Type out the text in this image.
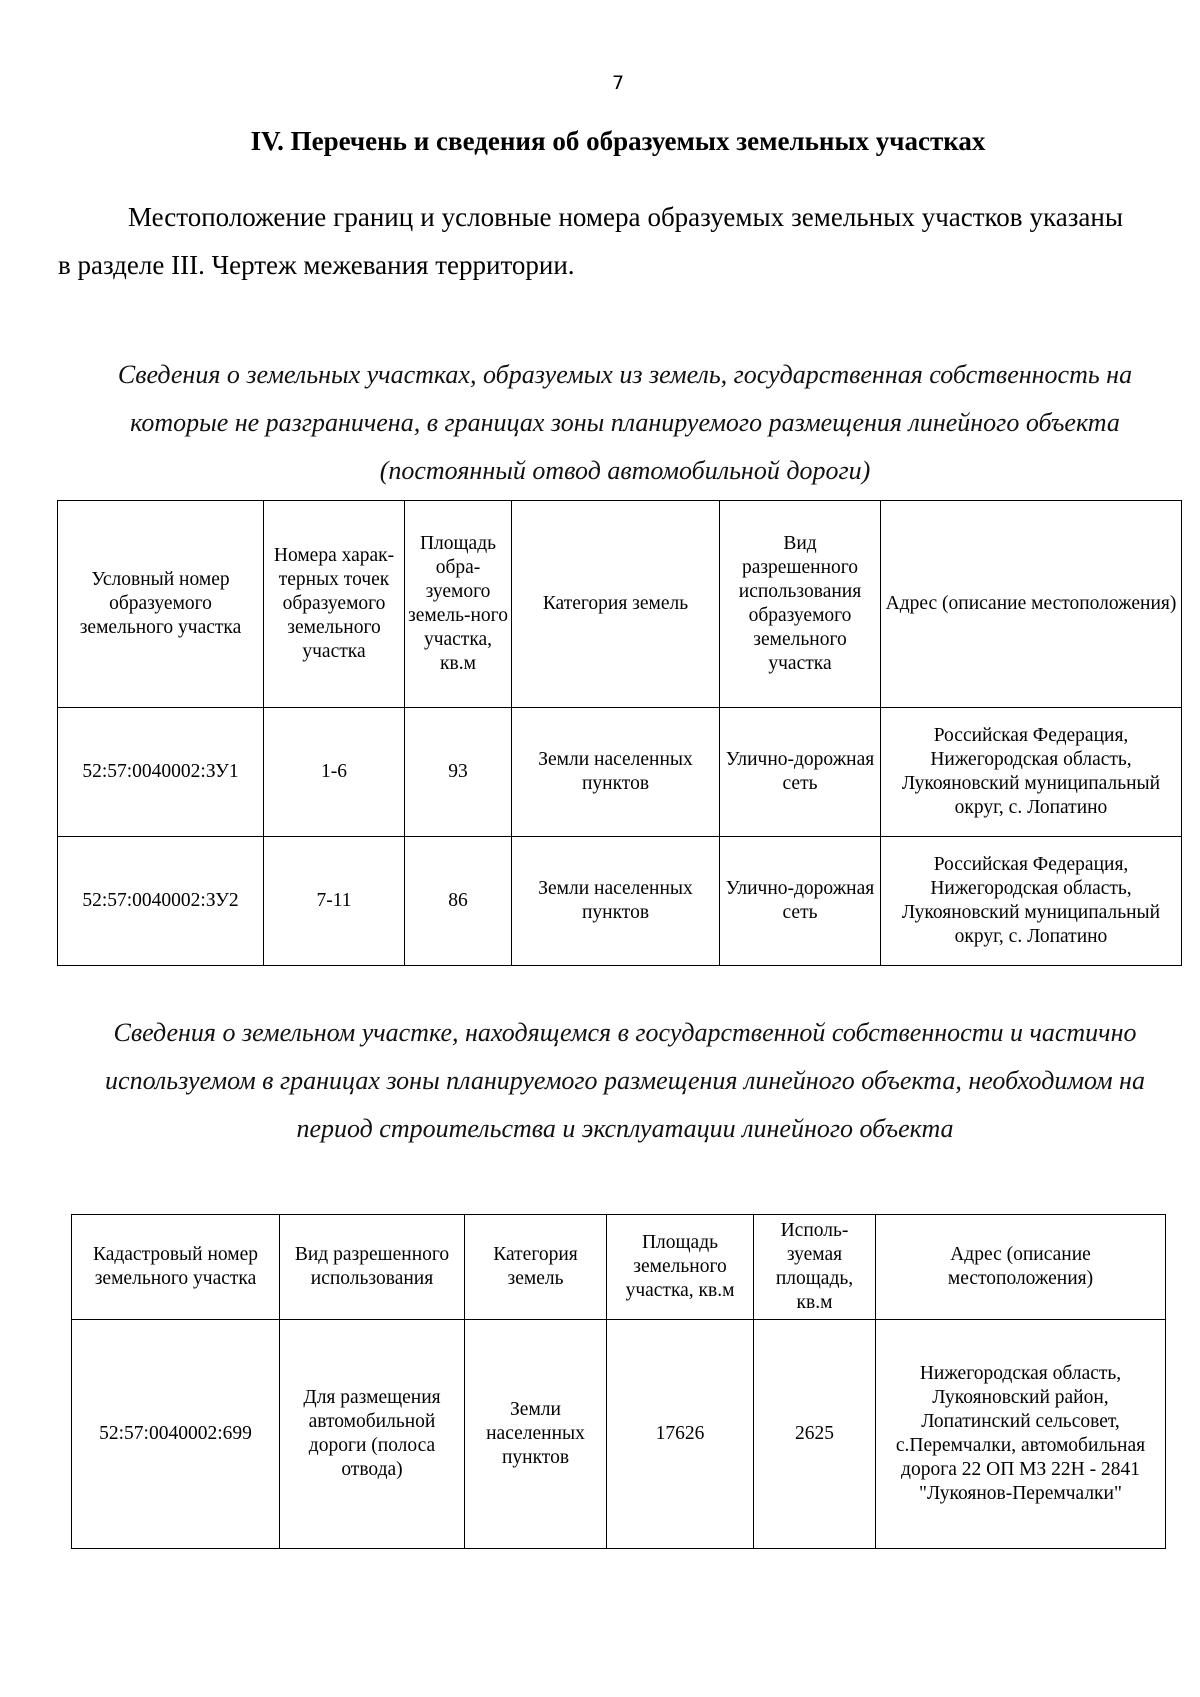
7
IV. Перечень и сведения об образуемых земельных участках

Местоположение границ и условные номера образуемых земельных участков указаны в разделе III. Чертеж межевания территории.

Сведения о земельных участках, образуемых из земель, государственная собственность на которые не разграничена, в границах зоны планируемого размещения линейного объекта (постоянный отвод автомобильной дороги)

Условный номер образуемого земельного участка	Номера харак-терных точек образуемого земельного участка	Площадь обра-зуемого земель-ного участка, кв.м	Категория земель	Вид разрешенного использования образуемого земельного участка	Адрес (описание местоположения)
52:57:0040002:ЗУ1	1-6	93	Земли населенных пунктов	Улично-дорожная сеть	Российская Федерация, Нижегородская область, Лукояновский муниципальный округ, с. Лопатино
52:57:0040002:ЗУ2	7-11	86	Земли населенных пунктов	Улично-дорожная сеть	Российская Федерация, Нижегородская область, Лукояновский муниципальный округ, с. Лопатино

Сведения о земельном участке, находящемся в государственной собственности и частично используемом в границах зоны планируемого размещения линейного объекта, необходимом на период строительства и эксплуатации линейного объекта

Кадастровый номер земельного участка	Вид разрешенного использования	Категория земель	Площадь земельного участка, кв.м	Исполь-зуемая площадь, кв.м	Адрес (описание местоположения)
52:57:0040002:699	Для размещения автомобильной дороги (полоса отвода)	Земли населенных пунктов	17626	2625	Нижегородская область, Лукояновский район, Лопатинский сельсовет, с.Перемчалки, автомобильная дорога 22 ОП МЗ 22Н - 2841 "Лукоянов-Перемчалки"
